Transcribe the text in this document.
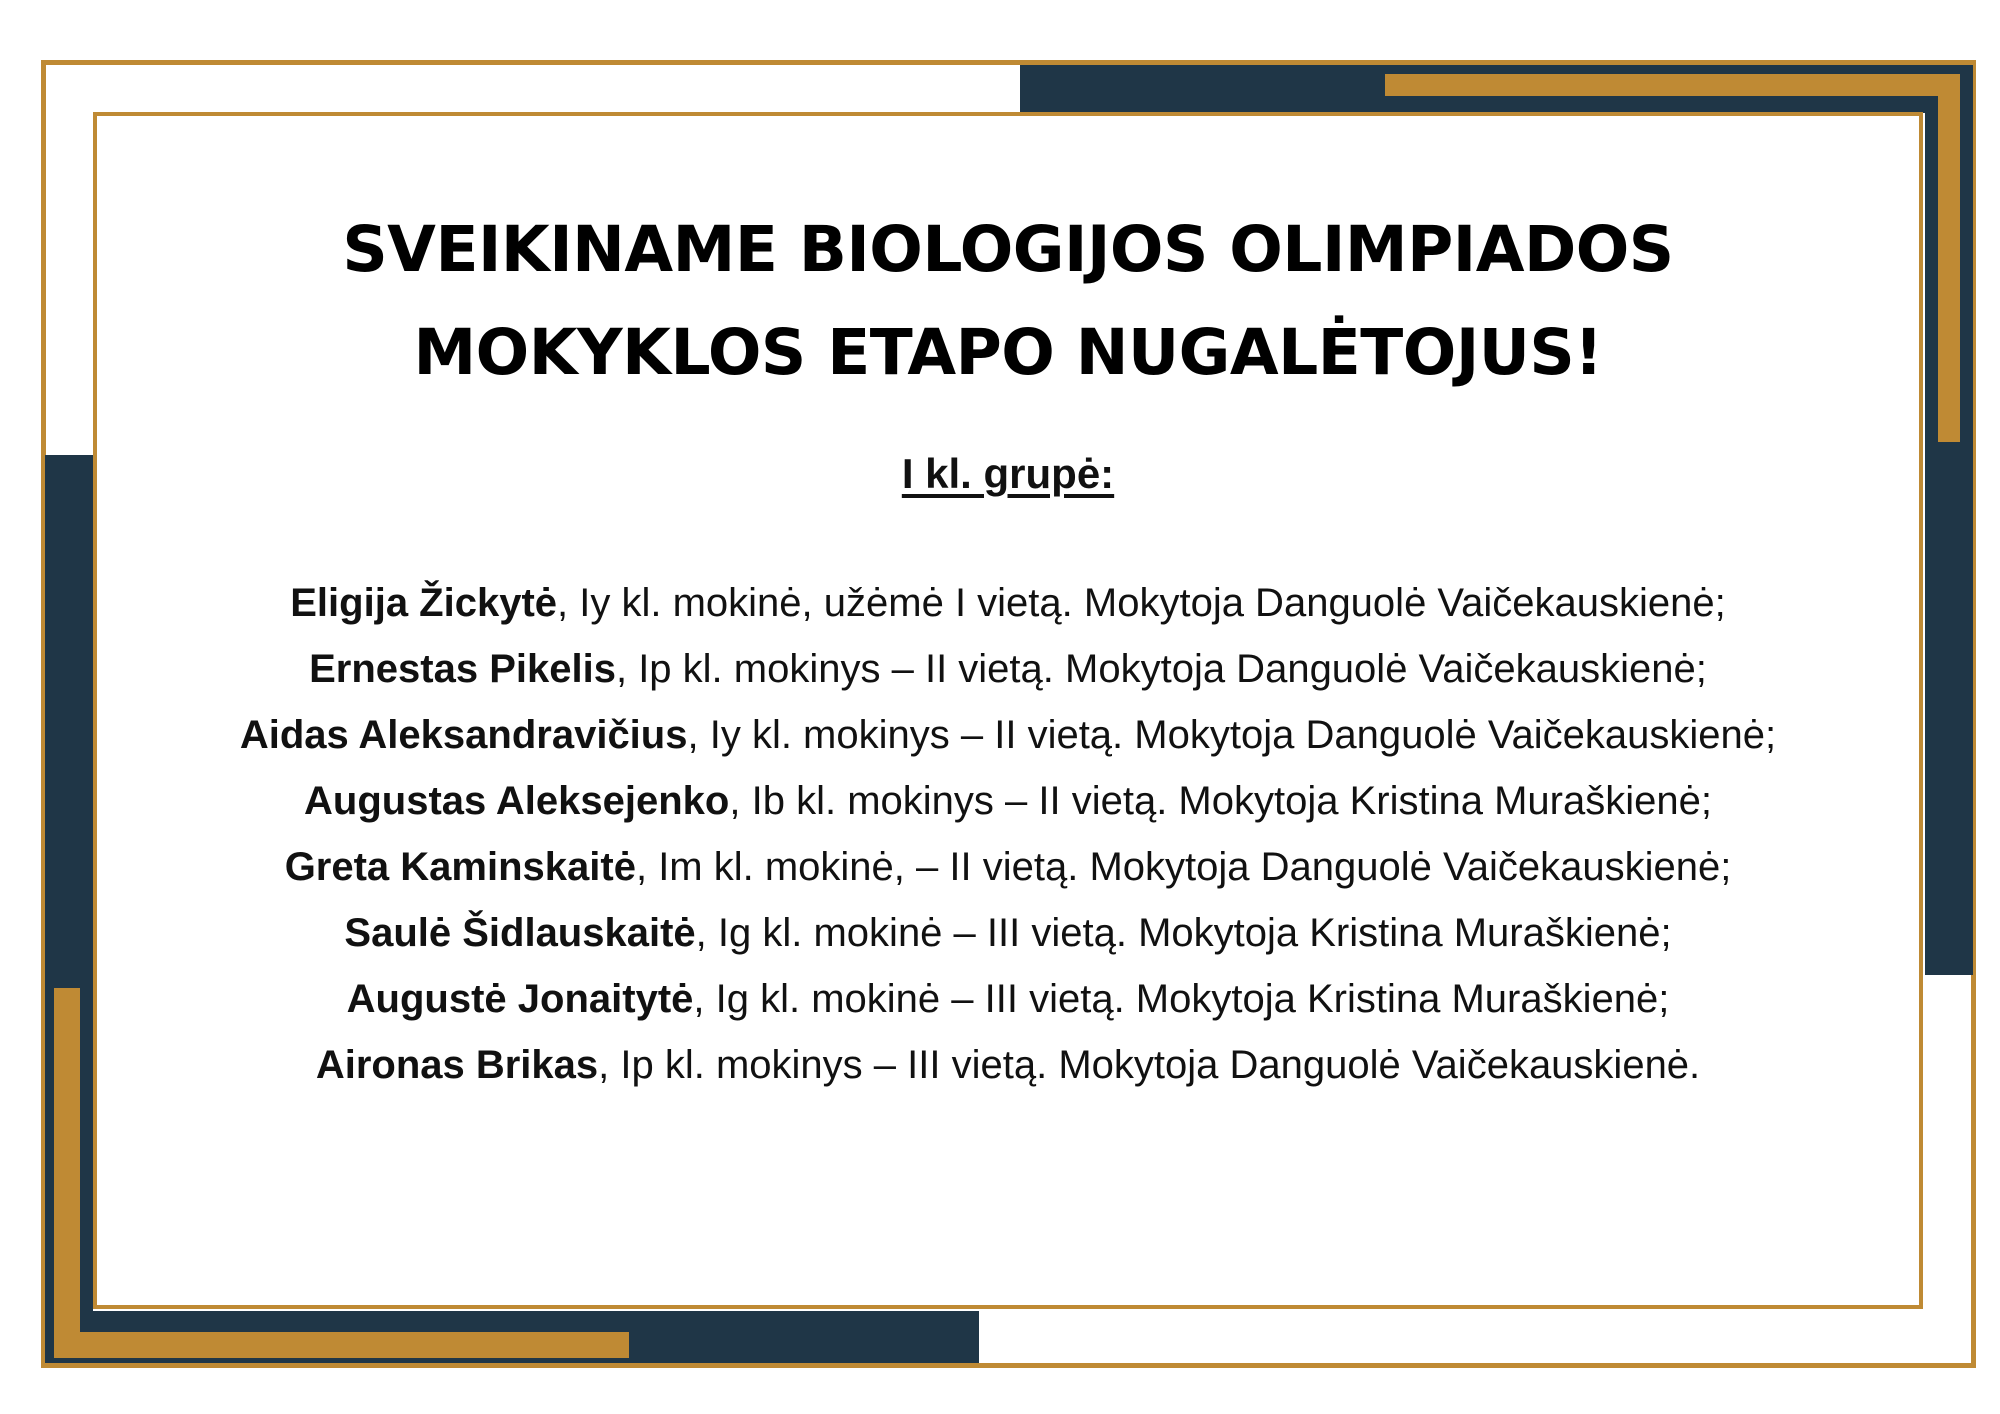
SVEIKINAME BIOLOGIJOS OLIMPIADOS
MOKYKLOS ETAPO NUGALĖTOJUS!
I kl. grupė:
Eligija Žickytė, Iy kl. mokinė, užėmė I vietą. Mokytoja Danguolė Vaičekauskienė;
Ernestas Pikelis, Ip kl. mokinys – II vietą. Mokytoja Danguolė Vaičekauskienė;
Aidas Aleksandravičius, Iy kl. mokinys – II vietą. Mokytoja Danguolė Vaičekauskienė;
Augustas Aleksejenko, Ib kl. mokinys – II vietą. Mokytoja Kristina Muraškienė;
Greta Kaminskaitė, Im kl. mokinė, – II vietą. Mokytoja Danguolė Vaičekauskienė;
Saulė Šidlauskaitė, Ig kl. mokinė – III vietą. Mokytoja Kristina Muraškienė;
Augustė Jonaitytė, Ig kl. mokinė – III vietą. Mokytoja Kristina Muraškienė;
Aironas Brikas, Ip kl. mokinys – III vietą. Mokytoja Danguolė Vaičekauskienė.
